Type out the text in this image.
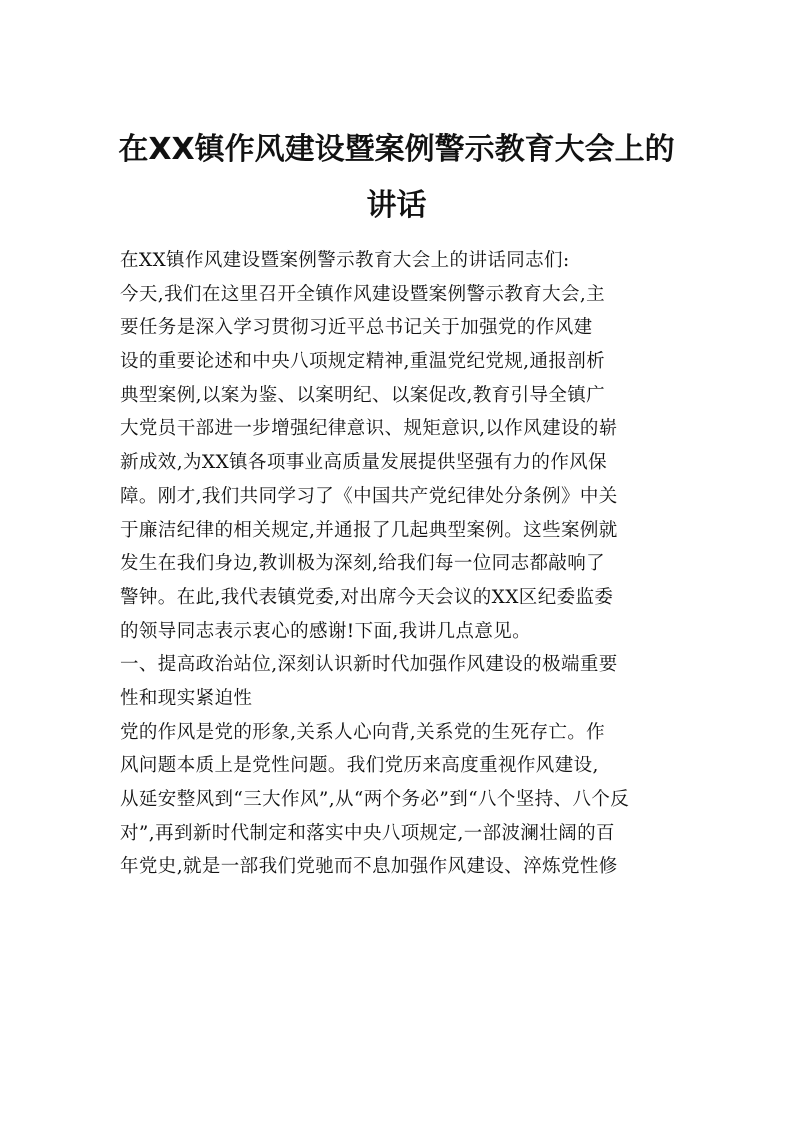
在XX镇作风建设暨案例警示教育大会上的
讲话
在XX镇作风建设暨案例警示教育大会上的讲话同志们:
今天,我们在这里召开全镇作风建设暨案例警示教育大会,主
要任务是深入学习贯彻习近平总书记关于加强党的作风建
设的重要论述和中央八项规定精神,重温党纪党规,通报剖析
典型案例,以案为鉴、以案明纪、以案促改,教育引导全镇广
大党员干部进一步增强纪律意识、规矩意识,以作风建设的崭
新成效,为XX镇各项事业高质量发展提供坚强有力的作风保
障。刚才,我们共同学习了《中国共产党纪律处分条例》中关
于廉洁纪律的相关规定,并通报了几起典型案例。这些案例就
发生在我们身边,教训极为深刻,给我们每一位同志都敲响了
警钟。在此,我代表镇党委,对出席今天会议的XX区纪委监委
的领导同志表示衷心的感谢!下面,我讲几点意见。
一、提高政治站位,深刻认识新时代加强作风建设的极端重要
性和现实紧迫性
党的作风是党的形象,关系人心向背,关系党的生死存亡。作
风问题本质上是党性问题。我们党历来高度重视作风建设,
从延安整风到“三大作风”,从“两个务必”到“八个坚持、八个反
对”,再到新时代制定和落实中央八项规定,一部波澜壮阔的百
年党史,就是一部我们党驰而不息加强作风建设、淬炼党性修
